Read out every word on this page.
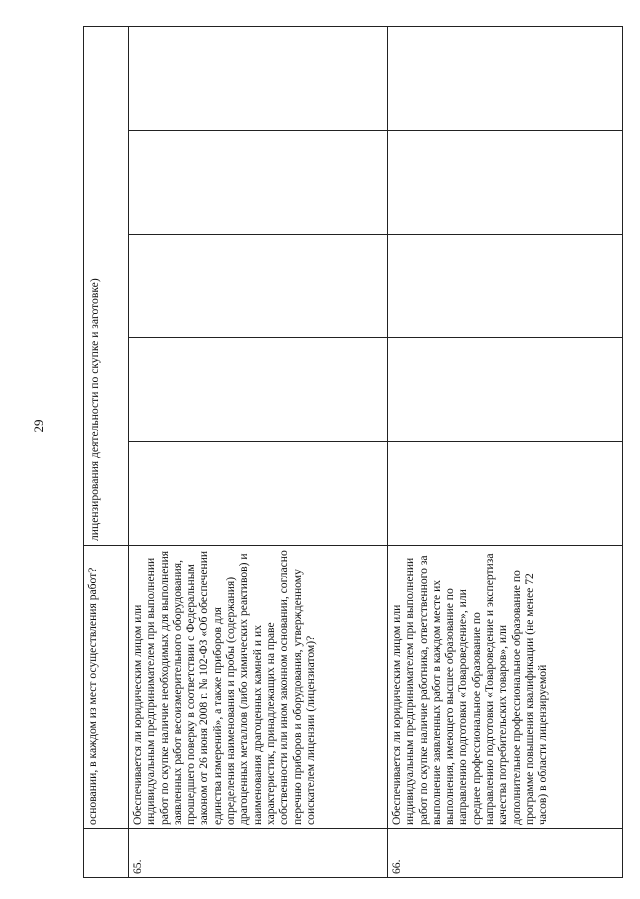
29
	основании, в каждом из мест осуществления работ?	лицензирования деятельности по скупке и заготовке)				
65.	Обеспечивается ли юридическим лицом или индивидуальным предпринимателем при выполнении работ по скупке наличие необходимых для выполнения заявленных работ весоизмерительного оборудования, прошедшего поверку в соответствии с Федеральным законом от 26 июня 2008 г. № 102-ФЗ «Об обеспечении единства измерений», а также приборов для определения наименования и пробы (содержания) драгоценных металлов (либо химических реактивов) и наименования драгоценных камней и их характеристик, принадлежащих на праве собственности или ином законном основании, согласно перечню приборов и оборудования, утвержденному соискателем лицензии (лицензиатом)?					
66.	Обеспечивается ли юридическим лицом или индивидуальным предпринимателем при выполнении работ по скупке наличие работника, ответственного за выполнение заявленных работ в каждом месте их выполнения, имеющего высшее образование по направлению подготовки «Товароведение», или среднее профессиональное образование по направлению подготовки «Товароведение и экспертиза качества потребительских товаров», или дополнительное профессиональное образование по программе повышения квалификации (не менее 72 часов) в области лицензируемой					
